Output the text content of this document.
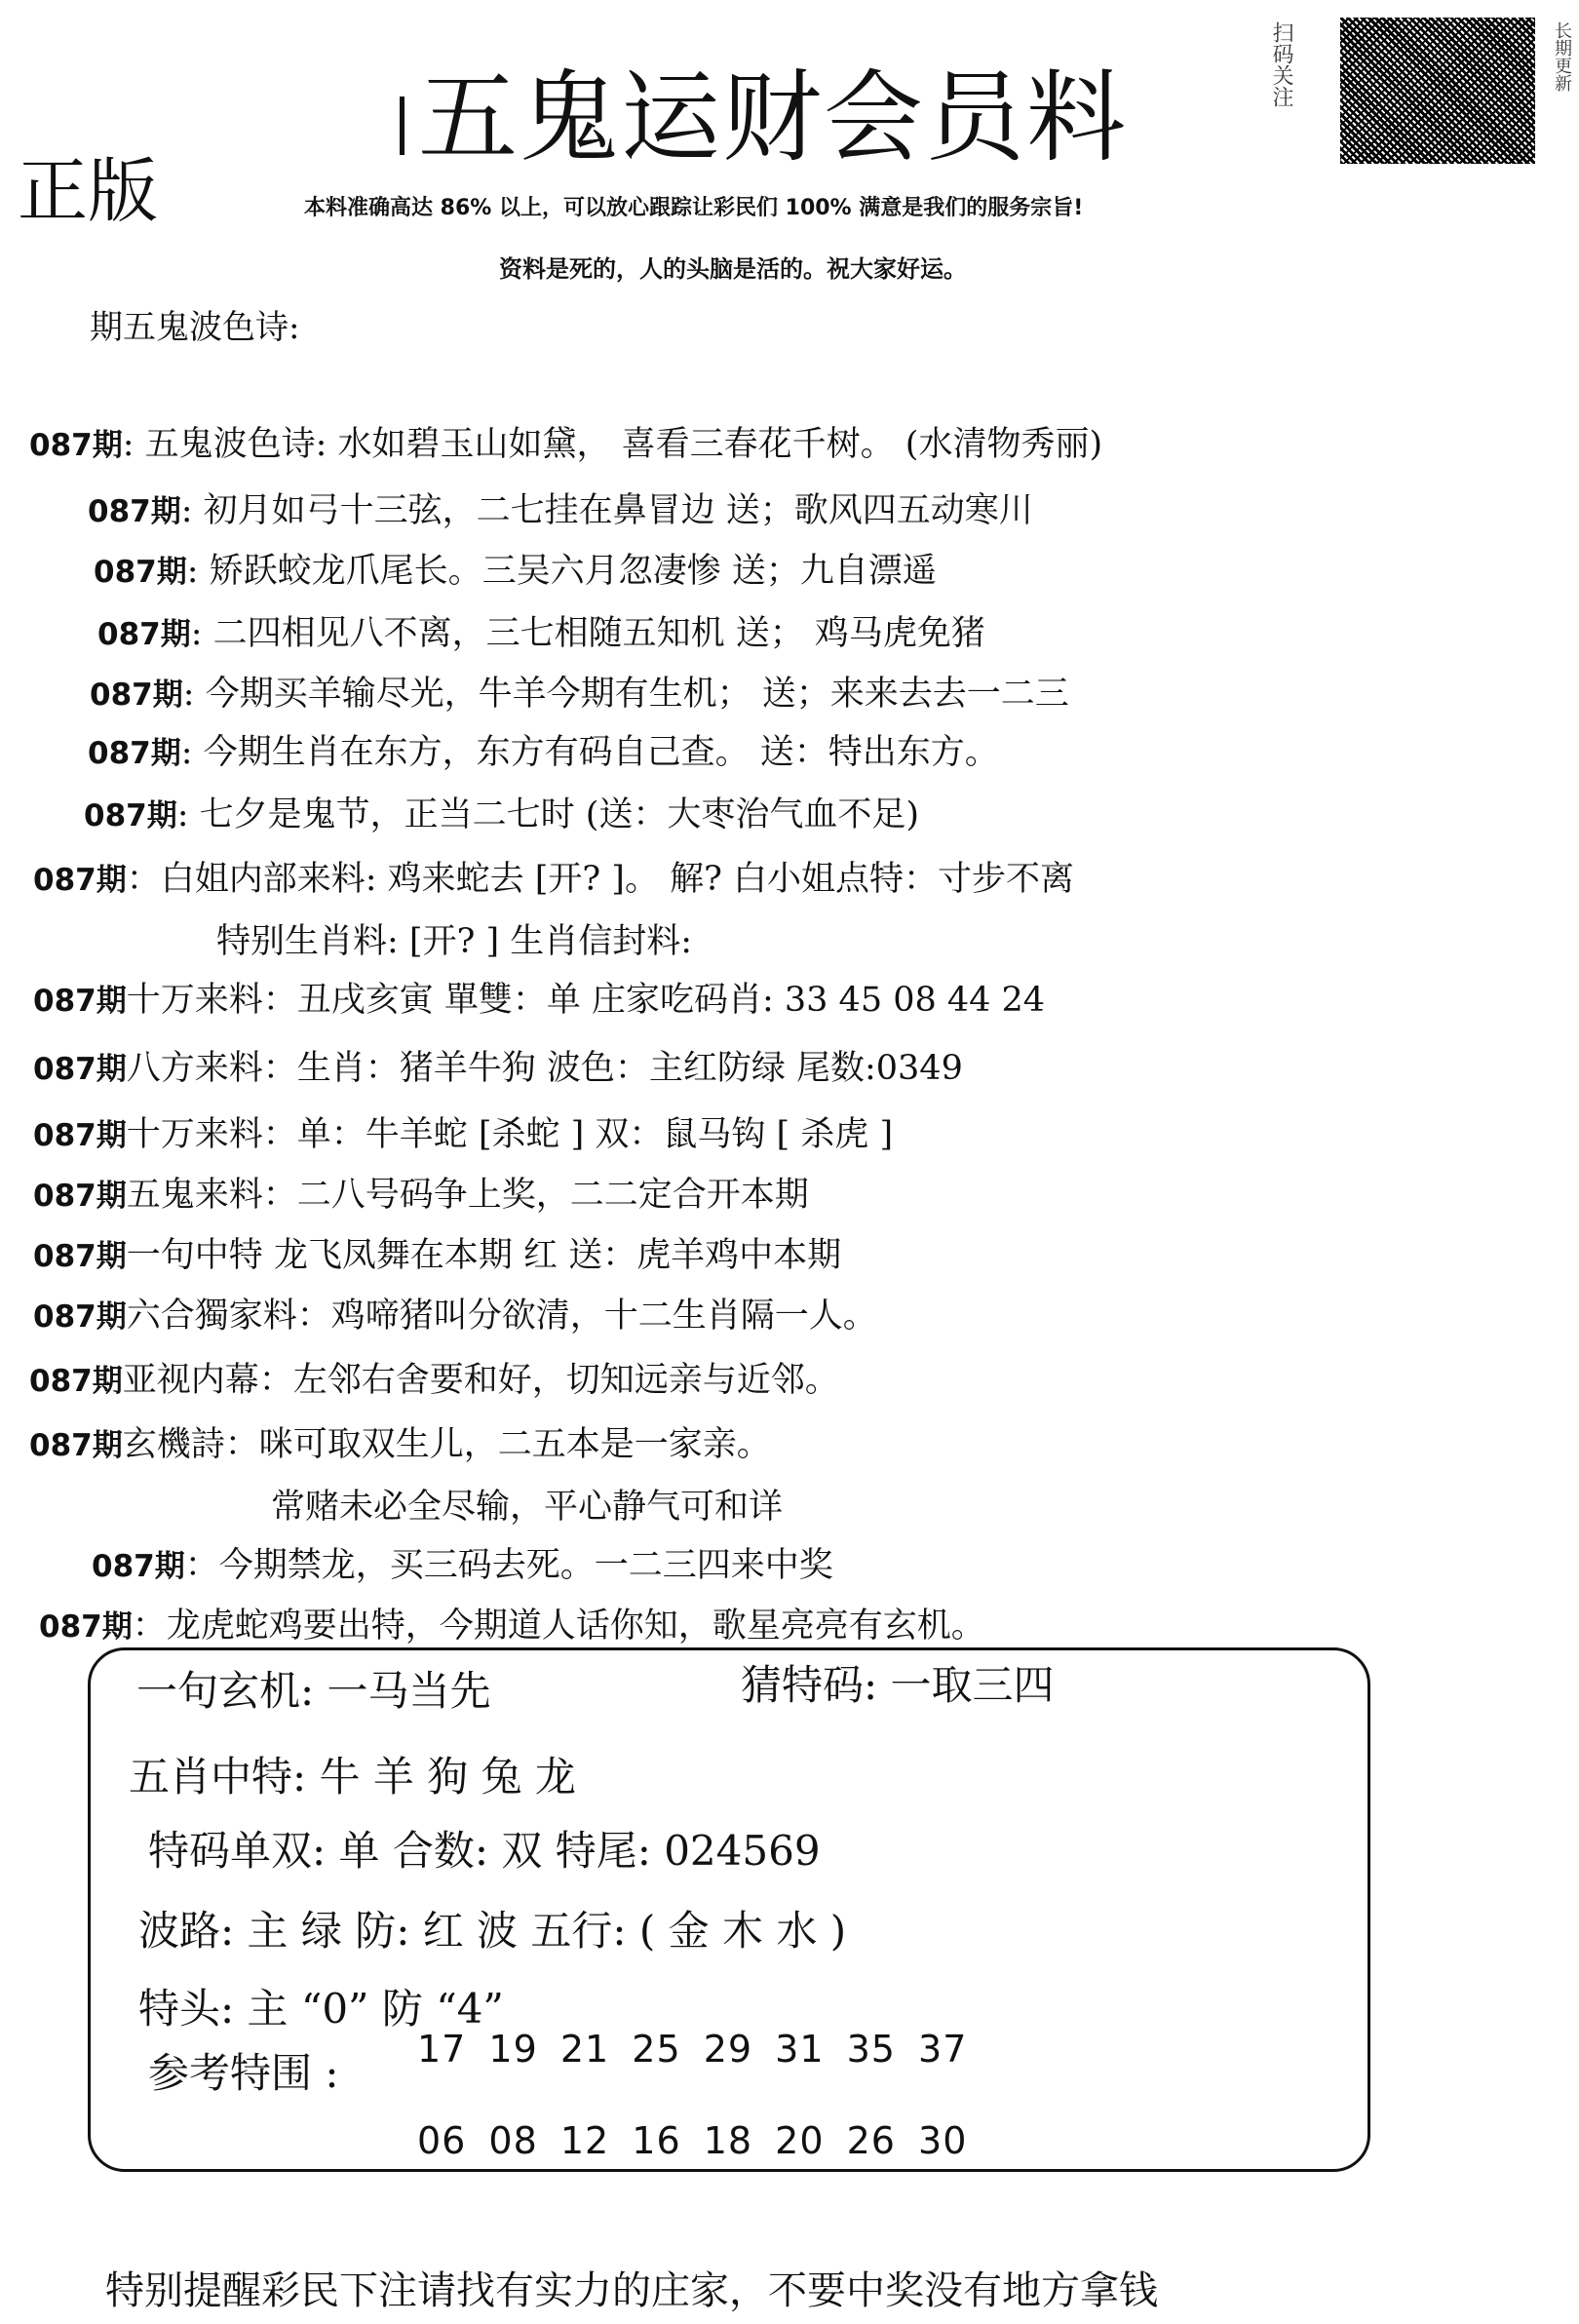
正版
五鬼运财会员料	扫码关注	长期更新
本料准确高达 86% 以上，可以放心跟踪让彩民们 100% 满意是我们的服务宗旨!
资料是死的，人的头脑是活的。祝大家好运。
期五鬼波色诗:
087期: 五鬼波色诗: 水如碧玉山如黛， 喜看三春花千树。 (水清物秀丽)
087期: 初月如弓十三弦，二七挂在鼻冒边 送；歌风四五动寒川
087期: 矫跃蛟龙爪尾长。三吴六月忽凄惨 送；九自漂遥
087期: 二四相见八不离，三七相随五知机 送； 鸡马虎免猪
087期: 今期买羊输尽光，牛羊今期有生机； 送；来来去去一二三
087期: 今期生肖在东方，东方有码自己查。 送：特出东方。
087期: 七夕是鬼节，正当二七时 (送：大枣治气血不足)
087期：白姐内部来料: 鸡来蛇去 [开? ]。 解? 白小姐点特：寸步不离
特别生肖料: [开? ] 生肖信封料:
087期十万来料：丑戌亥寅 單雙：单 庄家吃码肖: 33 45 08 44 24
087期八方来料：生肖：猪羊牛狗 波色：主红防绿 尾数:0349
087期十万来料：单：牛羊蛇 [杀蛇 ] 双：鼠马钩 [ 杀虎 ]
087期五鬼来料：二八号码争上奖，二二定合开本期
087期一句中特 龙飞凤舞在本期 红 送：虎羊鸡中本期
087期六合獨家料：鸡啼猪叫分欲清，十二生肖隔一人。
087期亚视内幕：左邻右舍要和好，切知远亲与近邻。
087期玄機詩：咪可取双生儿，二五本是一家亲。
常赌未必全尽输，平心静气可和详
087期：今期禁龙，买三码去死。一二三四来中奖
087期：龙虎蛇鸡要出特，今期道人话你知，歌星亮亮有玄机。
一句玄机: 一马当先	猜特码: 一取三四
五肖中特: 牛 羊 狗 兔 龙
特码单双: 单 合数: 双 特尾: 024569
波路: 主 绿 防: 红 波 五行: ( 金 木 水 )
特头: 主 “0” 防 “4”
参考特围 : 17 19 21 25 29 31 35 37
06 08 12 16 18 20 26 30
特别提醒彩民下注请找有实力的庄家，不要中奖没有地方拿钱
